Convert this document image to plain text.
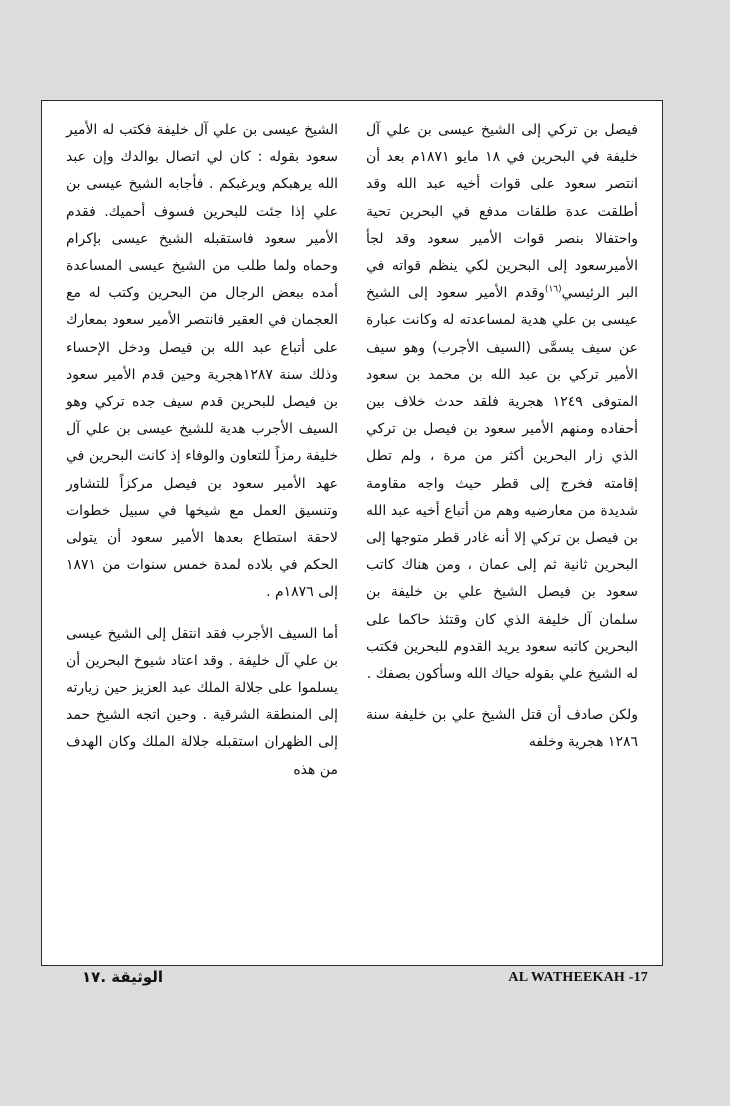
فيصل بن تركي إلى الشيخ عيسى بن علي آل خليفة في البحرين في ١٨ مايو ١٨٧١م بعد أن انتصر سعود على قوات أخيه عبد الله وقد أطلقت عدة طلقات مدفع في البحرين تحية واحتفالا بنصر قوات الأمير سعود وقد لجأ الأميرسعود إلى البحرين لكي ينظم قواته في البر الرئيسي$^{(١٦)}$وقدم الأمير سعود إلى الشيخ عيسى بن علي هدية لمساعدته له وكانت عبارة عن سيف يسمَّى (السيف الأجرب) وهو سيف الأمير تركي بن عبد الله بن محمد بن سعود المتوفى ١٢٤٩ هجرية فلقد حدث خلاف بين أحفاده ومنهم الأمير سعود بن فيصل بن تركي الذي زار البحرين أكثر من مرة ، ولم تطل إقامته فخرج إلى قطر حيث واجه مقاومة شديدة من معارضيه وهم من أتباع أخيه عبد الله بن فيصل بن تركي إلا أنه غادر قطر متوجها إلى البحرين ثانية ثم إلى عمان ، ومن هناك كاتب سعود بن فيصل الشيخ علي بن خليفة بن سلمان آل خليفة الذي كان وقتئذ حاكما على البحرين كاتبه سعود يريد القدوم للبحرين فكتب له الشيخ علي بقوله حياك الله وسأكون بصفك .

ولكن صادف أن قتل الشيخ علي بن خليفة سنة ١٢٨٦ هجرية وخلفه

الشيخ عيسى بن علي آل خليفة فكتب له الأمير سعود بقوله : كان لي اتصال بوالدك وإن عبد الله يرهبكم ويرغبكم . فأجابه الشيخ عيسى بن علي إذا جئت للبحرين فسوف أحميك. فقدم الأمير سعود فاستقبله الشيخ عيسى بإكرام وحماه ولما طلب من الشيخ عيسى المساعدة أمده ببعض الرجال من البحرين وكتب له مع العجمان في العقير فانتصر الأمير سعود بمعارك على أتباع عبد الله بن فيصل ودخل الإحساء وذلك سنة ١٢٨٧هجرية وحين قدم الأمير سعود بن فيصل للبحرين قدم سيف جده تركي وهو السيف الأجرب هدية للشيخ عيسى بن علي آل خليفة رمزاً للتعاون والوفاء إذ كانت البحرين في عهد الأمير سعود بن فيصل مركزاً للتشاور وتنسيق العمل مع شيخها في سبيل خطوات لاحقة استطاع بعدها الأمير سعود أن يتولى الحكم في بلاده لمدة خمس سنوات من ١٨٧١ إلى ١٨٧٦م .

أما السيف الأجرب فقد انتقل إلى الشيخ عيسى بن علي آل خليفة . وقد اعتاد شيوخ البحرين أن يسلموا على جلالة الملك عبد العزيز حين زيارته إلى المنطقة الشرقية . وحين اتجه الشيخ حمد إلى الظهران استقبله جلالة الملك وكان الهدف من هذه

AL WATHEEKAH -17
الوثيقة .١٧
